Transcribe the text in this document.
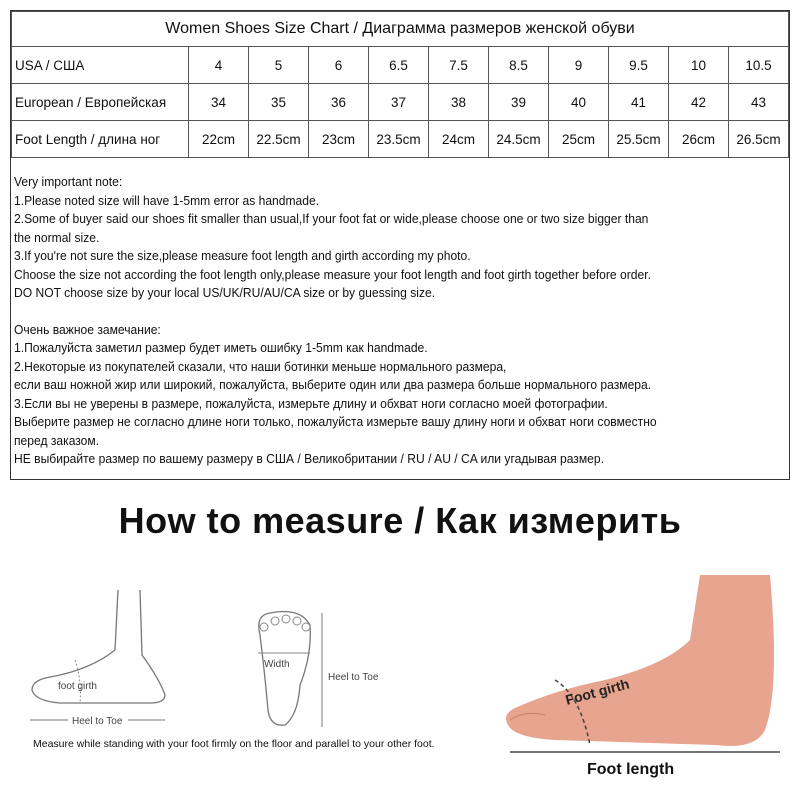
Women Shoes Size Chart / Диаграмма размеров женской обуви										
USA / США	4	5	6	6.5	7.5	8.5	9	9.5	10	10.5
European / Европейская	34	35	36	37	38	39	40	41	42	43
Foot Length / длина ног	22cm	22.5cm	23cm	23.5cm	24cm	24.5cm	25cm	25.5cm	26cm	26.5cm

Very important note:

1.Please noted size will have 1-5mm error as handmade.

2.Some of buyer said our shoes fit smaller than usual,If your foot fat or wide,please choose one or two size bigger than

the normal size.

3.If you're not sure the size,please measure foot length and girth according my photo.

Choose the size not according the foot length only,please measure your foot length and foot girth together before order.

DO NOT choose size by your local US/UK/RU/AU/CA size or by guessing size.

Очень важное замечание:

1.Пожалуйста заметил размер будет иметь ошибку 1-5mm как handmade.

2.Некоторые из покупателей сказали, что наши ботинки меньше нормального размера,

если ваш ножной жир или широкий, пожалуйста, выберите один или два размера больше нормального размера.

3.Если вы не уверены в размере, пожалуйста, измерьте длину и обхват ноги согласно моей фотографии.

Выберите размер не согласно длине ноги только, пожалуйста измерьте вашу длину ноги и обхват ноги совместно

перед заказом.

НЕ выбирайте размер по вашему размеру в США / Великобритании / RU / AU / CA или угадывая размер.

How to measure / Как измерить
foot girth
Heel to Toe
Width
Heel to Toe
Measure while standing with your foot firmly on the floor and parallel to your other foot.
Foot girth
Foot length
